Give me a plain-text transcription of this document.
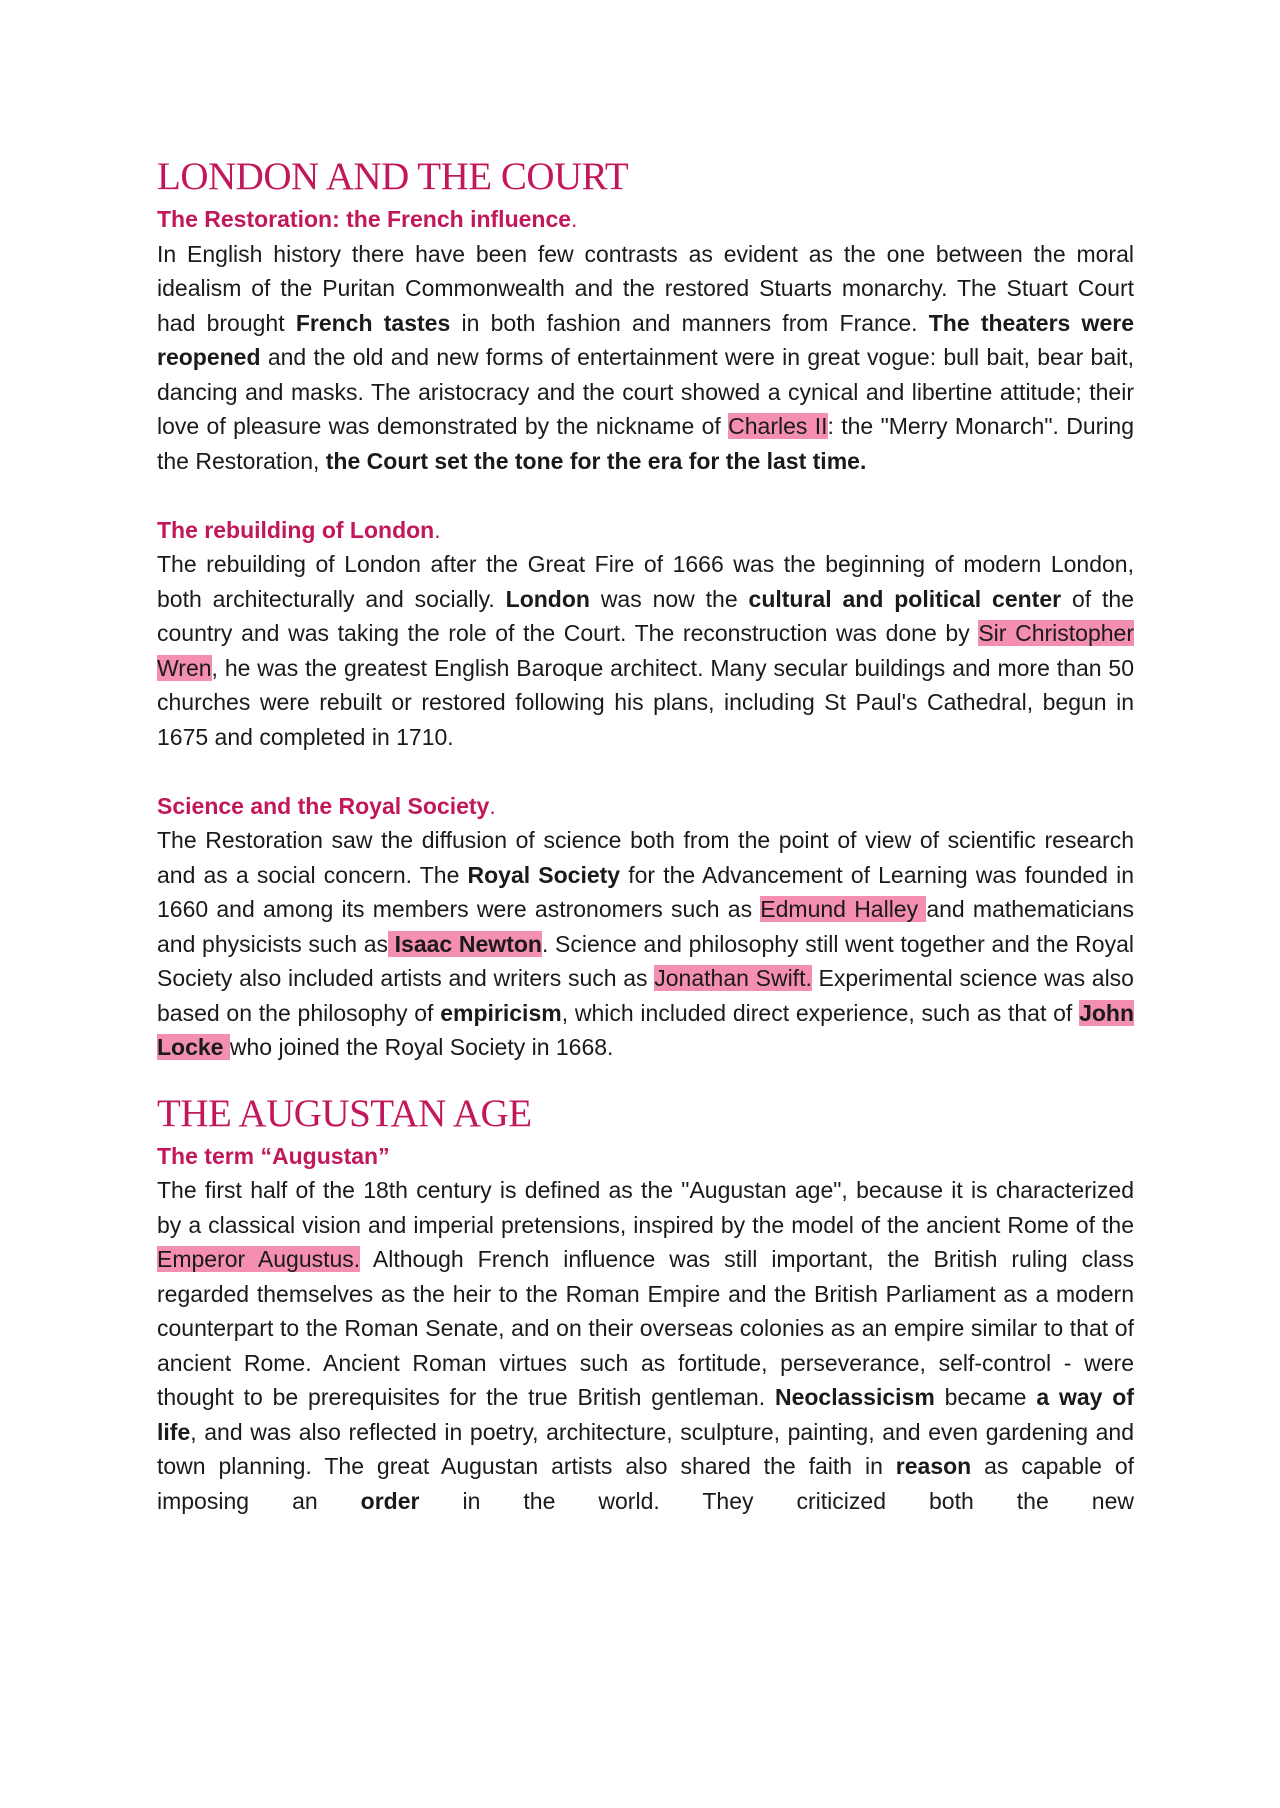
LONDON AND THE COURT
The Restoration: the French influence.

In English history there have been few contrasts as evident as the one between the moral idealism of the Puritan Commonwealth and the restored Stuarts monarchy. The Stuart Court had brought French tastes in both fashion and manners from France. The theaters were reopened and the old and new forms of entertainment were in great vogue: bull bait, bear bait, dancing and masks. The aristocracy and the court showed a cynical and libertine attitude; their love of pleasure was demonstrated by the nickname of Charles II: the "Merry Monarch". During the Restoration, the Court set the tone for the era for the last time.

The rebuilding of London.

The rebuilding of London after the Great Fire of 1666 was the beginning of modern London, both architecturally and socially. London was now the cultural and political center of the country and was taking the role of the Court. The reconstruction was done by Sir Christopher Wren, he was the greatest English Baroque architect. Many secular buildings and more than 50 churches were rebuilt or restored following his plans, including St Paul's Cathedral, begun in 1675 and completed in 1710.

Science and the Royal Society.

The Restoration saw the diffusion of science both from the point of view of scientific research and as a social concern. The Royal Society for the Advancement of Learning was founded in 1660 and among its members were astronomers such as Edmund Halley and mathematicians and physicists such as Isaac Newton. Science and philosophy still went together and the Royal Society also included artists and writers such as Jonathan Swift. Experimental science was also based on the philosophy of empiricism, which included direct experience, such as that of John Locke who joined the Royal Society in 1668.

THE AUGUSTAN AGE
The term “Augustan”

The first half of the 18th century is defined as the "Augustan age", because it is characterized by a classical vision and imperial pretensions, inspired by the model of the ancient Rome of the Emperor Augustus. Although French influence was still important, the British ruling class regarded themselves as the heir to the Roman Empire and the British Parliament as a modern counterpart to the Roman Senate, and on their overseas colonies as an empire similar to that of ancient Rome. Ancient Roman virtues such as fortitude, perseverance, self-control - were thought to be prerequisites for the true British gentleman. Neoclassicism became a way of life, and was also reflected in poetry, architecture, sculpture, painting, and even gardening and town planning. The great Augustan artists also shared the faith in reason as capable of imposing an order in the world. They criticized both the new
